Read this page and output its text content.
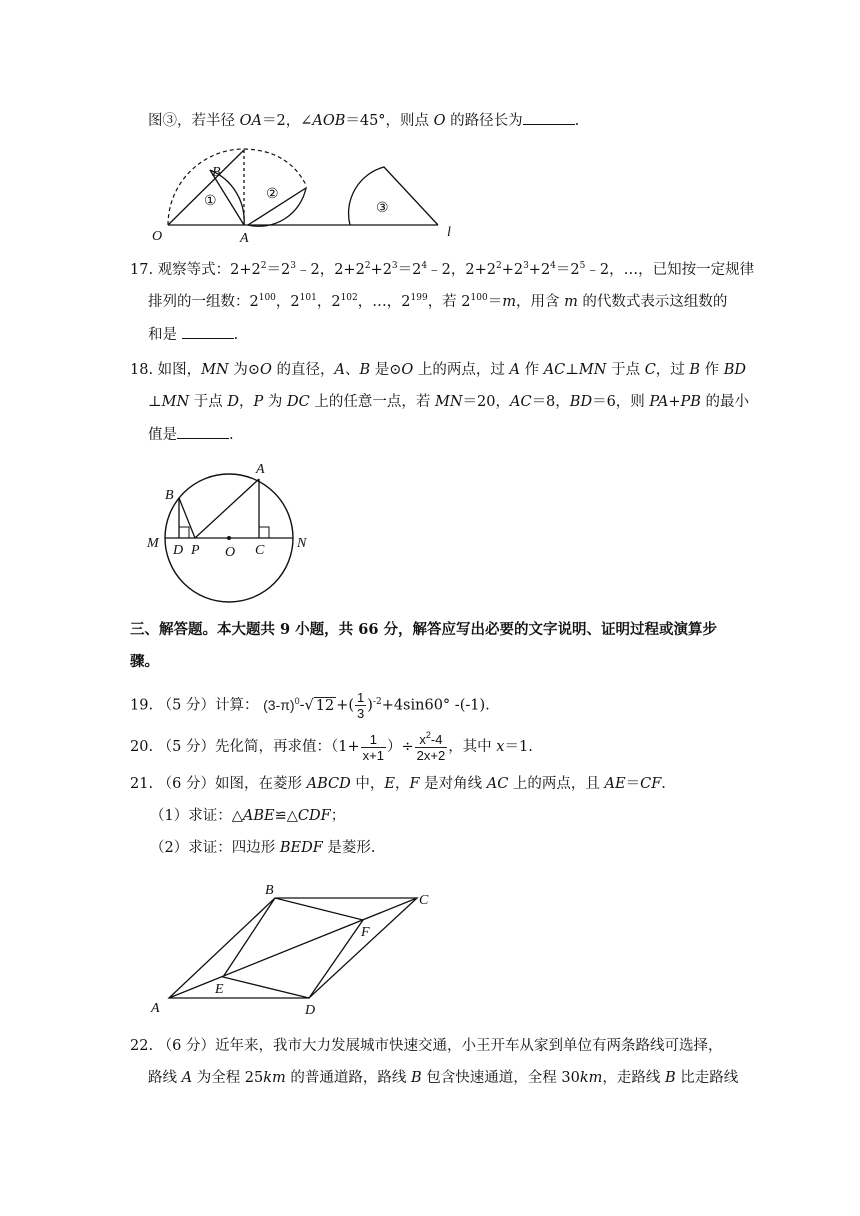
图③，若半径 OA＝2，∠AOB＝45°，则点 O 的路径长为	.
O	A
B
l
①	②
③
17. 观察等式：$2+2^2=2^3﹣2$，$2+2^2+2^3=2^4﹣2$，$2+2^2+2^3+2^4=2^5﹣2$，…，已知按一定规律
排列的一组数：$2^{100}$，$2^{101}$，$2^{102}$，…，$2^{199}$，若 $2^{100}=m$，用含 m 的代数式表示这组数的
和是	.
18. 如图，MN 为⊙O 的直径，A、B 是⊙O 上的两点，过 A 作 AC⊥MN 于点 C，过 B 作 BD
⊥MN 于点 D，P 为 DC 上的任意一点，若 MN＝20，AC＝8，BD＝6，则 PA+PB 的最小
值是	.
A
B
M D P O C N
三、解答题。本大题共 9 小题，共 66 分，解答应写出必要的文字说明、证明过程或演算步
骤。
19. （5 分）计算： $(3-\pi)^0-√$ 12 +( $\frac{1}{3} )^{-2}+4\sin 60^\circ$ -(-1).
20. （5 分）先化简，再求值：（$1+ \frac{1}{x+1}$ ）÷ $\frac{x^2-4}{2x+2}$ ，其中 x＝1.
21. （6 分）如图，在菱形 ABCD 中，E，F 是对角线 AC 上的两点，且 AE＝CF.
（1）求证：△ABE≌△CDF；
（2）求证：四边形 BEDF 是菱形.
A
B
C
D
E
F
22. （6 分）近年来，我市大力发展城市快速交通，小王开车从家到单位有两条路线可选择，
路线 A 为全程 25km 的普通道路，路线 B 包含快速通道，全程 30km，走路线 B 比走路线
